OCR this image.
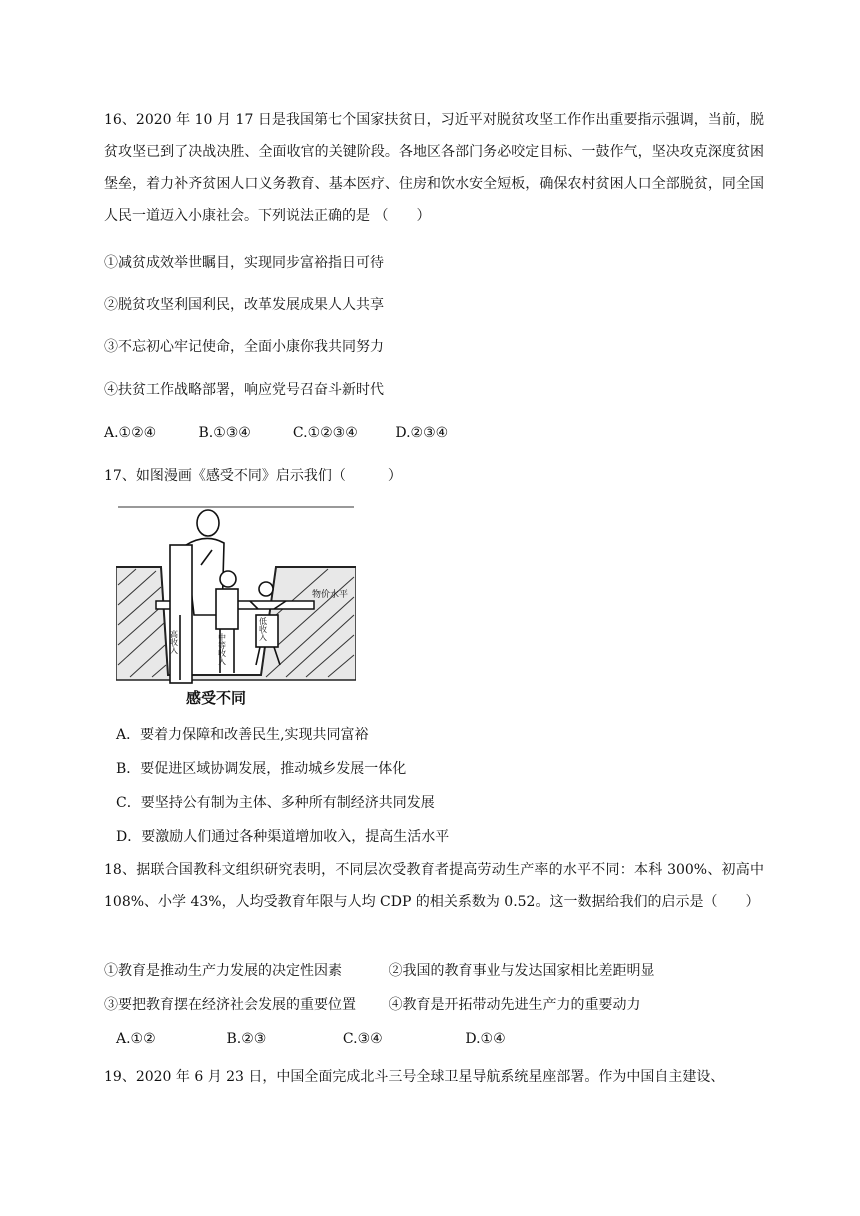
16、2020 年 10 月 17 日是我国第七个国家扶贫日，习近平对脱贫攻坚工作作出重要指示强调，当前，脱贫攻坚已到了决战决胜、全面收官的关键阶段。各地区各部门务必咬定目标、一鼓作气，坚决攻克深度贫困堡垒，着力补齐贫困人口义务教育、基本医疗、住房和饮水安全短板，确保农村贫困人口全部脱贫，同全国人民一道迈入小康社会。下列说法正确的是 （　　）
①减贫成效举世瞩目，实现同步富裕指日可待
②脱贫攻坚利国利民，改革发展成果人人共享
③不忘初心牢记使命，全面小康你我共同努力
④扶贫工作战略部署，响应党号召奋斗新时代
A.①②④	B.①③④	C.①②③④	D.②③④
17、如图漫画《感受不同》启示我们（　　　）
物价水平
高收入	中等收入
低收入
感受不同
A．要着力保障和改善民生,实现共同富裕
B．要促进区域协调发展，推动城乡发展一体化
C．要坚持公有制为主体、多种所有制经济共同发展
D．要激励人们通过各种渠道增加收入，提高生活水平
18、据联合国教科文组织研究表明，不同层次受教育者提高劳动生产率的水平不同：本科 300%、初高中 108%、小学 43%，人均受教育年限与人均 CDP 的相关系数为 0.52。这一数据给我们的启示是（　　）
①教育是推动生产力发展的决定性因素	②我国的教育事业与发达国家相比差距明显
③要把教育摆在经济社会发展的重要位置 ④教育是开拓带动先进生产力的重要动力
A.①②	B.②③	C.③④	D.①④
19、2020 年 6 月 23 日，中国全面完成北斗三号全球卫星导航系统星座部署。作为中国自主建设、
